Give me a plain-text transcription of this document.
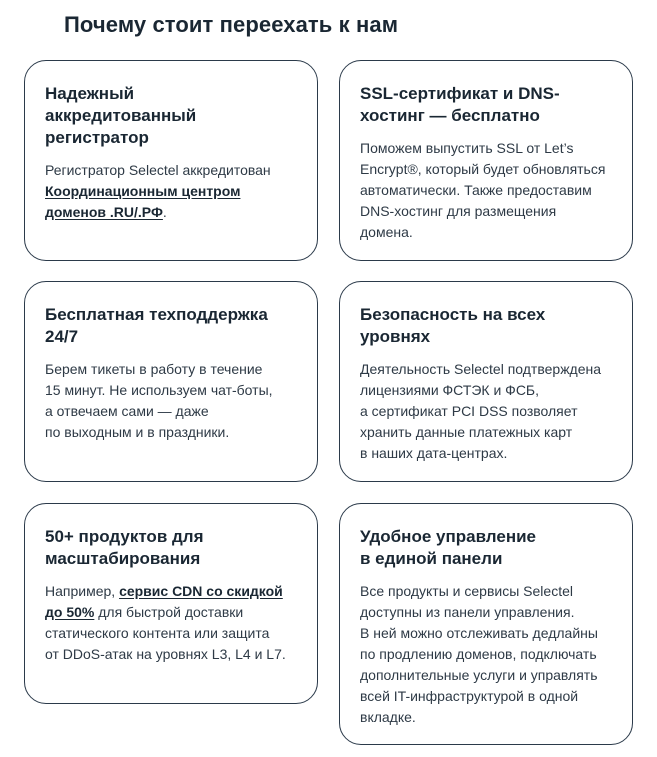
Почему стоит переехать к нам
Надежный
аккредитованный
регистратор
Регистратор Selectel аккредитован
Координационным центром
доменов .RU/.РФ.
SSL-сертификат и DNS-
хостинг — бесплатно
Поможем выпустить SSL от Let’s
Encrypt®, который будет обновляться
автоматически. Также предоставим
DNS-хостинг для размещения
домена.
Бесплатная техподдержка
24/7
Берем тикеты в работу в течение
15 минут. Не используем чат-боты,
а отвечаем сами — даже
по выходным и в праздники.
Безопасность на всех
уровнях
Деятельность Selectel подтверждена
лицензиями ФСТЭК и ФСБ,
а сертификат PCI DSS позволяет
хранить данные платежных карт
в наших дата-центрах.
50+ продуктов для
масштабирования
Например, сервис CDN со скидкой
до 50% для быстрой доставки
статического контента или защита
от DDoS-атак на уровнях L3, L4 и L7.
Удобное управление
в единой панели
Все продукты и сервисы Selectel
доступны из панели управления.
В ней можно отслеживать дедлайны
по продлению доменов, подключать
дополнительные услуги и управлять
всей IT-инфраструктурой в одной
вкладке.
